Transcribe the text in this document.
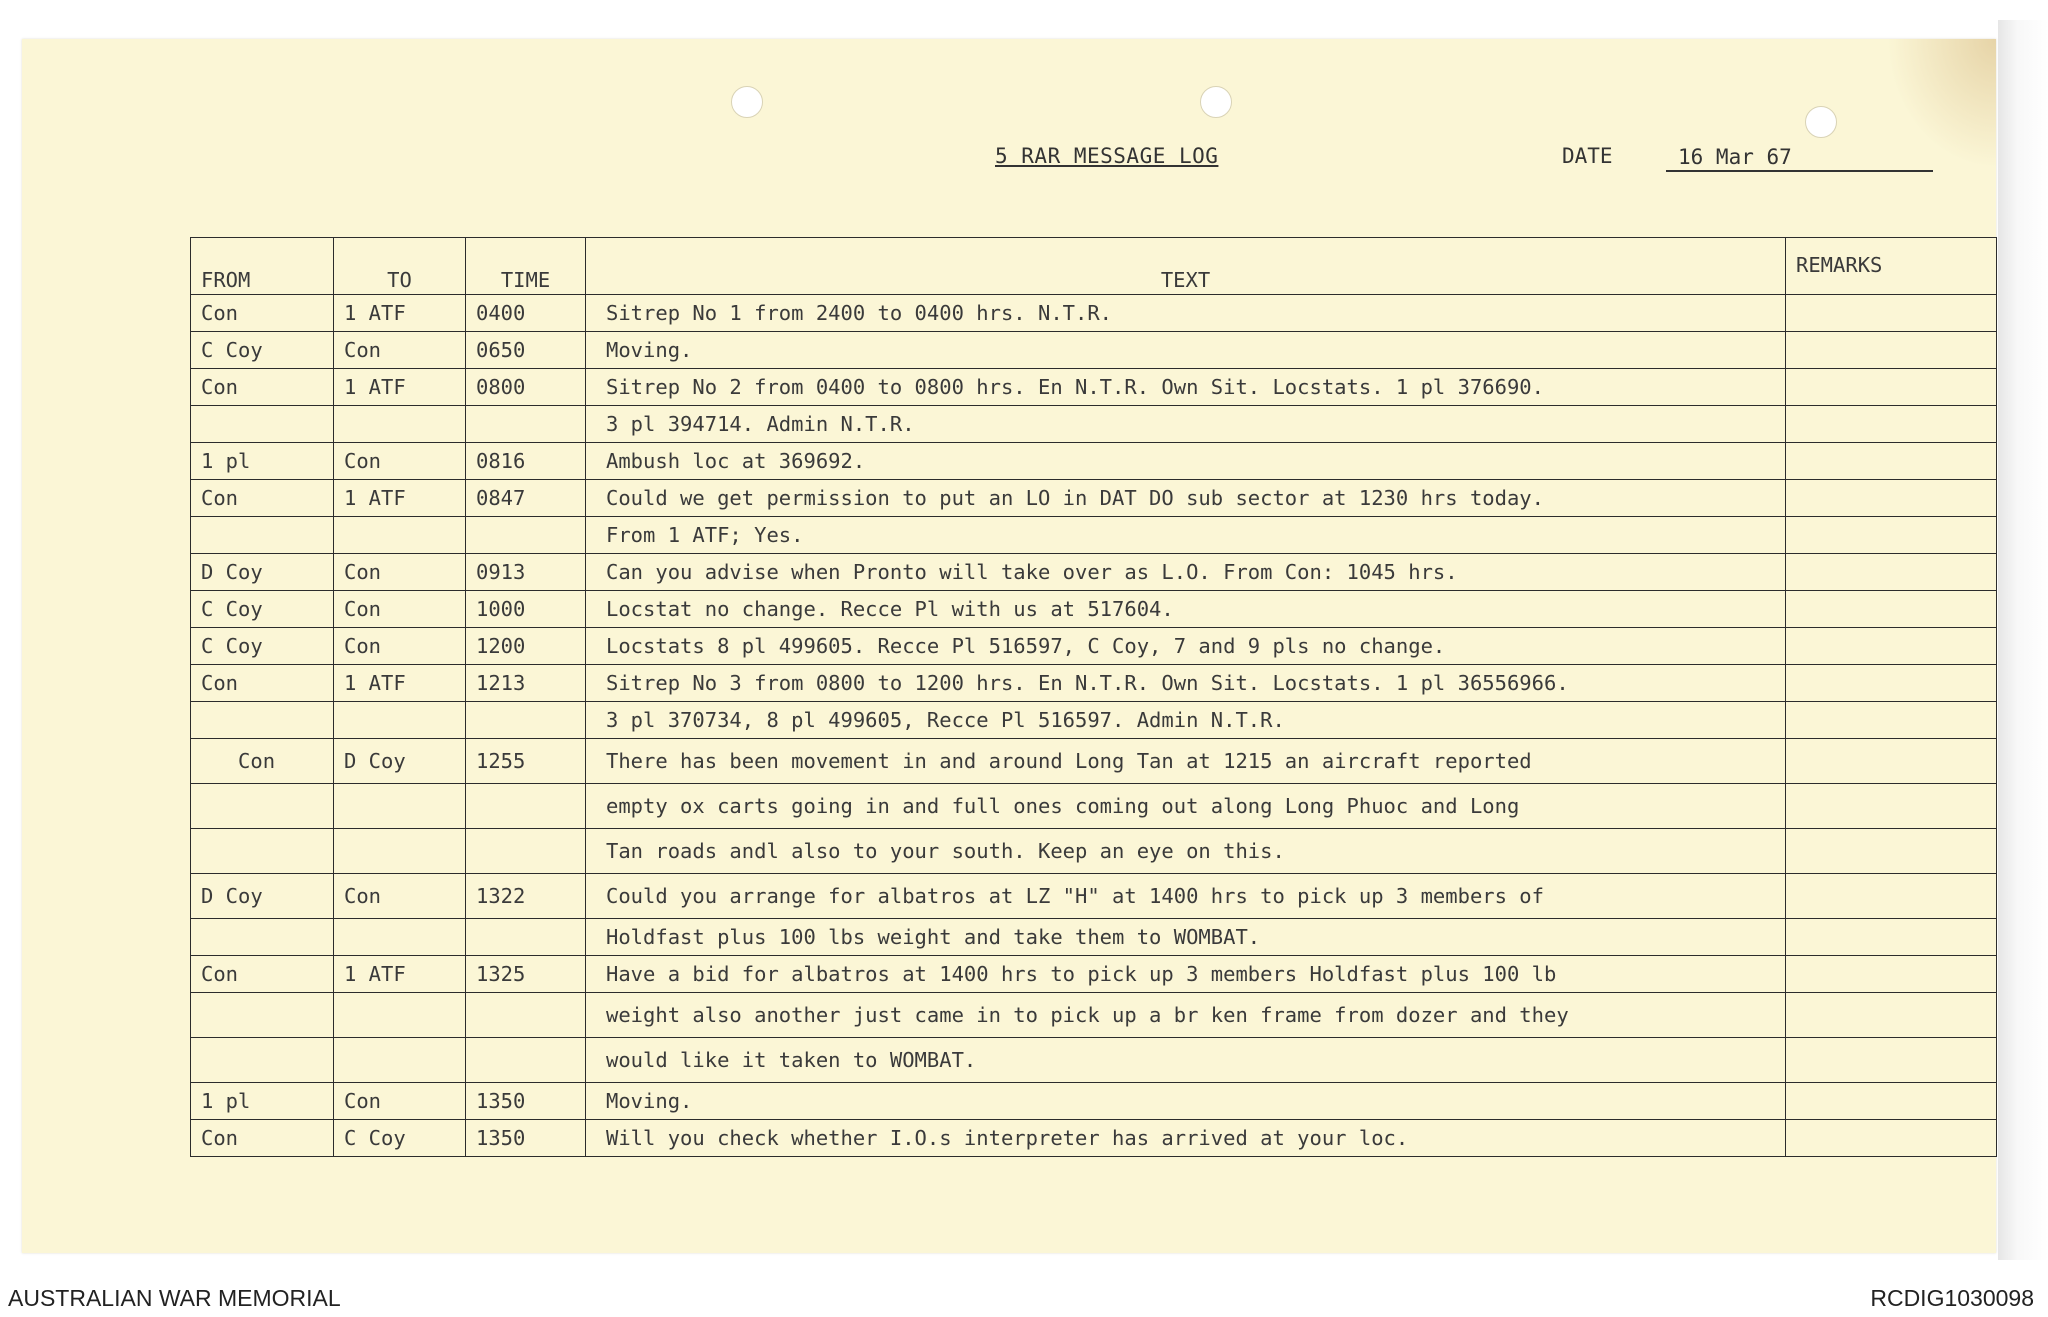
5 RAR MESSAGE LOG	DATE	16 Mar 67
FROM	TO	TIME	TEXT	REMARKS
Con	1 ATF	0400	Sitrep No 1 from 2400 to 0400 hrs. N.T.R.	
C Coy	Con	0650	Moving.	
Con	1 ATF	0800	Sitrep No 2 from 0400 to 0800 hrs. En N.T.R. Own Sit. Locstats. 1 pl 376690.	
			3 pl 394714. Admin N.T.R.	
1 pl	Con	0816	Ambush loc at 369692.	
Con	1 ATF	0847	Could we get permission to put an LO in DAT DO sub sector at 1230 hrs today.	
			From 1 ATF; Yes.	
D Coy	Con	0913	Can you advise when Pronto will take over as L.O. From Con: 1045 hrs.	
C Coy	Con	1000	Locstat no change. Recce Pl with us at 517604.	
C Coy	Con	1200	Locstats 8 pl 499605. Recce Pl 516597, C Coy, 7 and 9 pls no change.	
Con	1 ATF	1213	Sitrep No 3 from 0800 to 1200 hrs. En N.T.R. Own Sit. Locstats. 1 pl 36556966.	
			3 pl 370734, 8 pl 499605, Recce Pl 516597. Admin N.T.R.	
Con	D Coy	1255	There has been movement in and around Long Tan at 1215 an aircraft reported	
			empty ox carts going in and full ones coming out along Long Phuoc and Long	
			Tan roads andl also to your south. Keep an eye on this.	
D Coy	Con	1322	Could you arrange for albatros at LZ "H" at 1400 hrs to pick up 3 members of	
			Holdfast plus 100 lbs weight and take them to WOMBAT.	
Con	1 ATF	1325	Have a bid for albatros at 1400 hrs to pick up 3 members Holdfast plus 100 lb	
			weight also another just came in to pick up a br ken frame from dozer and they	
			would like it taken to WOMBAT.	
1 pl	Con	1350	Moving.	
Con	C Coy	1350	Will you check whether I.O.s interpreter has arrived at your loc.	
AUSTRALIAN WAR MEMORIAL	RCDIG1030098
